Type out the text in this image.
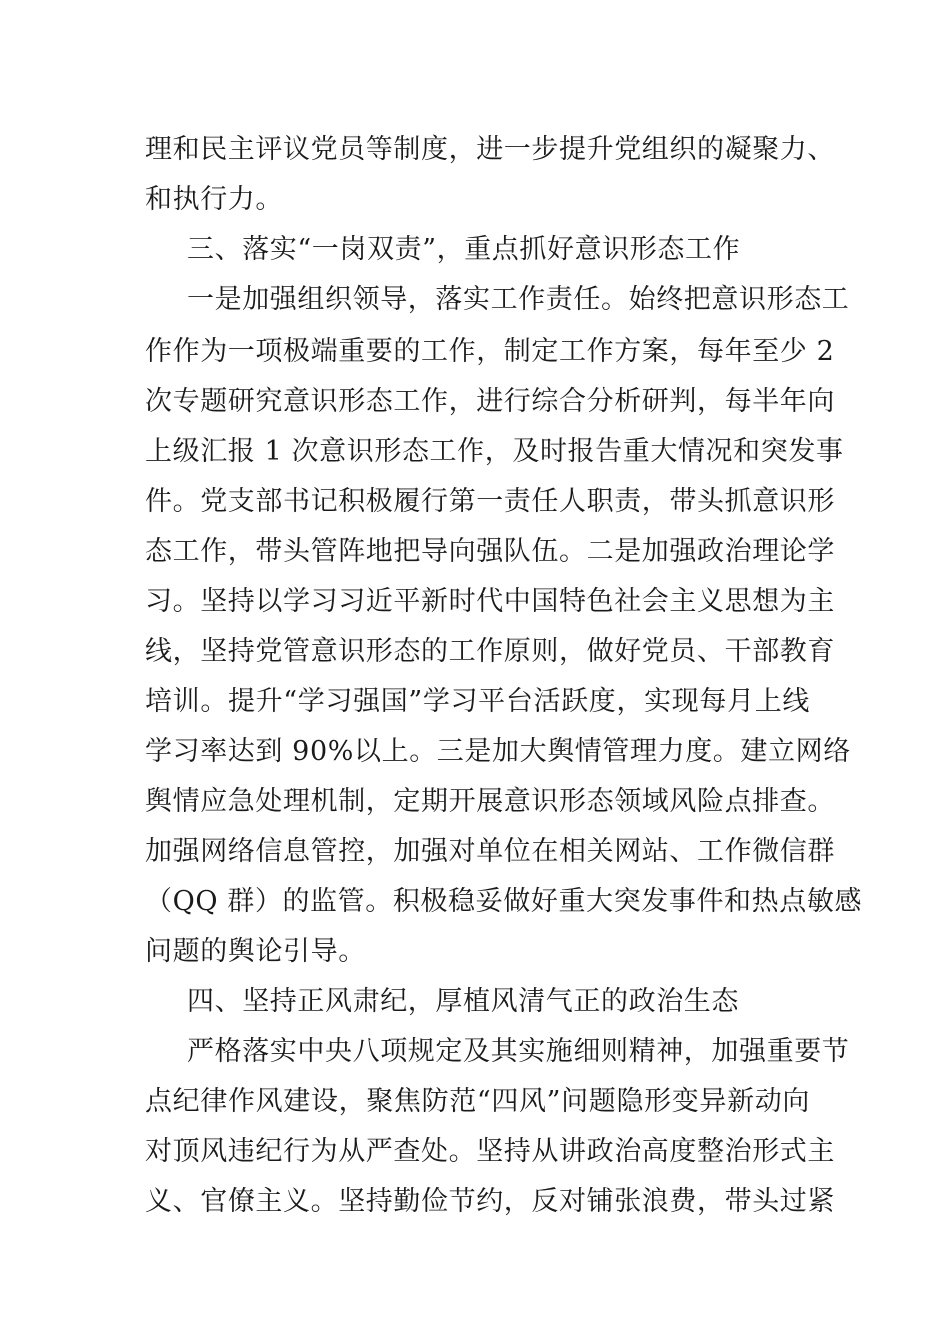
理和民主评议党员等制度，进一步提升党组织的凝聚力、
和执行力。
三、落实“一岗双责”，重点抓好意识形态工作
一是加强组织领导，落实工作责任。始终把意识形态工
作作为一项极端重要的工作，制定工作方案，每年至少 2
次专题研究意识形态工作，进行综合分析研判，每半年向
上级汇报 1 次意识形态工作，及时报告重大情况和突发事
件。党支部书记积极履行第一责任人职责，带头抓意识形
态工作，带头管阵地把导向强队伍。二是加强政治理论学
习。坚持以学习习近平新时代中国特色社会主义思想为主
线，坚持党管意识形态的工作原则，做好党员、干部教育
培训。提升“学习强国”学习平台活跃度，实现每月上线
学习率达到 90%以上。三是加大舆情管理力度。建立网络
舆情应急处理机制，定期开展意识形态领域风险点排查。
加强网络信息管控，加强对单位在相关网站、工作微信群
（QQ 群）的监管。积极稳妥做好重大突发事件和热点敏感
问题的舆论引导。
四、坚持正风肃纪，厚植风清气正的政治生态
严格落实中央八项规定及其实施细则精神，加强重要节
点纪律作风建设，聚焦防范“四风”问题隐形变异新动向
对顶风违纪行为从严查处。坚持从讲政治高度整治形式主
义、官僚主义。坚持勤俭节约，反对铺张浪费，带头过紧
